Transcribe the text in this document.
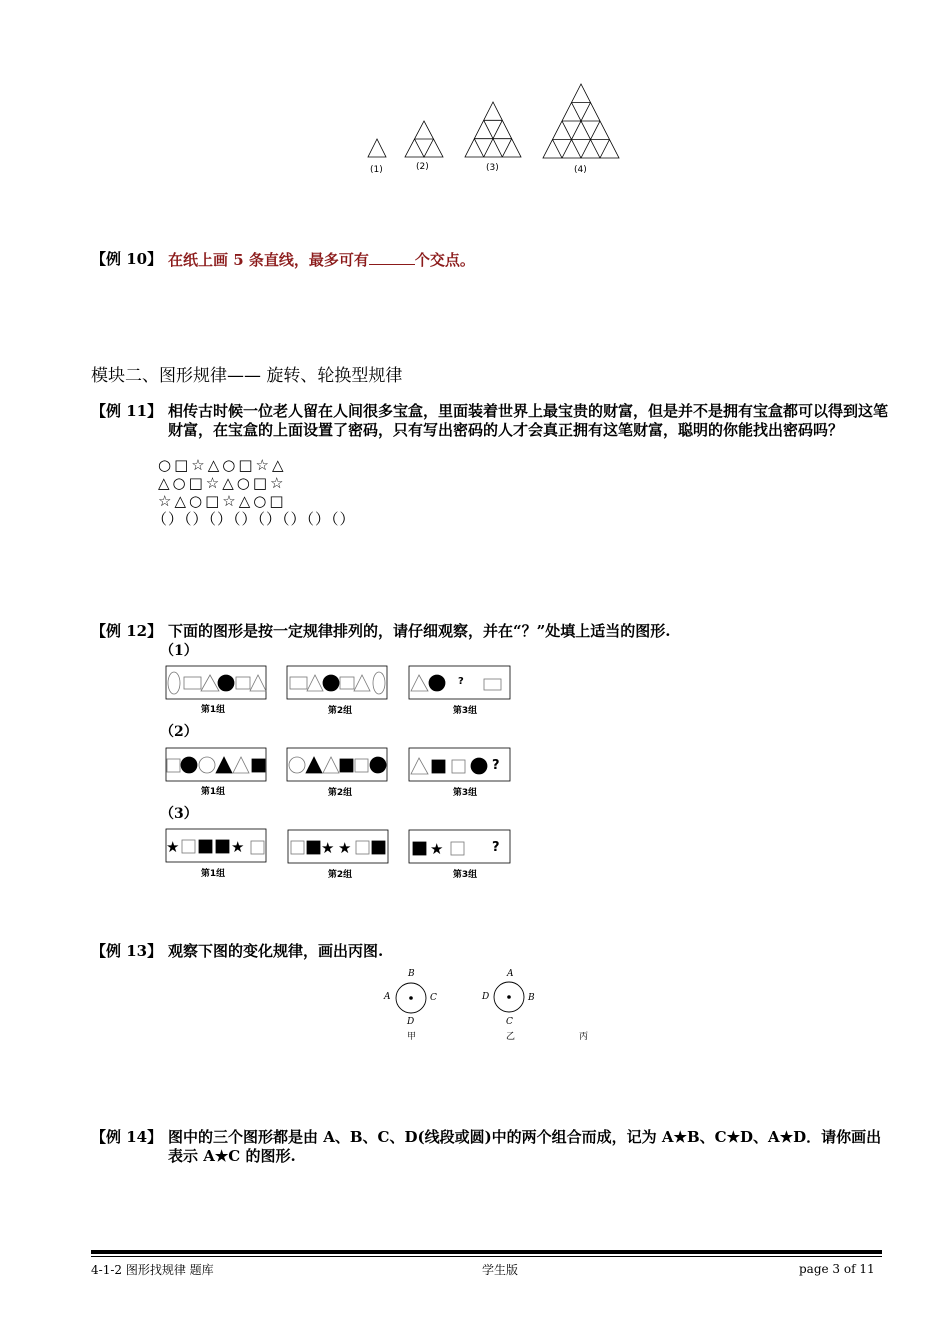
(1)	(2)	(3)	(4)
【例 10】 在纸上画 5 条直线，最多可有	个交点。
模块二、图形规律—— 旋转、轮换型规律
【例 11】 相传古时候一位老人留在人间很多宝盒，里面装着世界上最宝贵的财富，但是并不是拥有宝盒都可以得到这笔财富，在宝盒的上面设置了密码，只有写出密码的人才会真正拥有这笔财富，聪明的你能找出密码吗？
○□☆△○□☆△
△○□☆△○□☆
☆△○□☆△○□
（）（）（）（）（）（）（）（）
【例 12】 下面的图形是按一定规律排列的，请仔细观察，并在“？”处填上适当的图形.
（1）
（2）
（3）
★	★	★ ★	★
?
?
?
第1组	第2组	第3组
第1组	第2组	第3组
第1组	第2组	第3组
【例 13】 观察下图的变化规律，画出丙图.
B
A	C
D
甲
A
D	B
C
乙	丙
【例 14】 图中的三个图形都是由 A、B、C、D(线段或圆)中的两个组合而成，记为 A★B、C★D、A★D．请你画出表示 A★C 的图形.
4-1-2 图形找规律 题库	学生版	page 3 of 11
